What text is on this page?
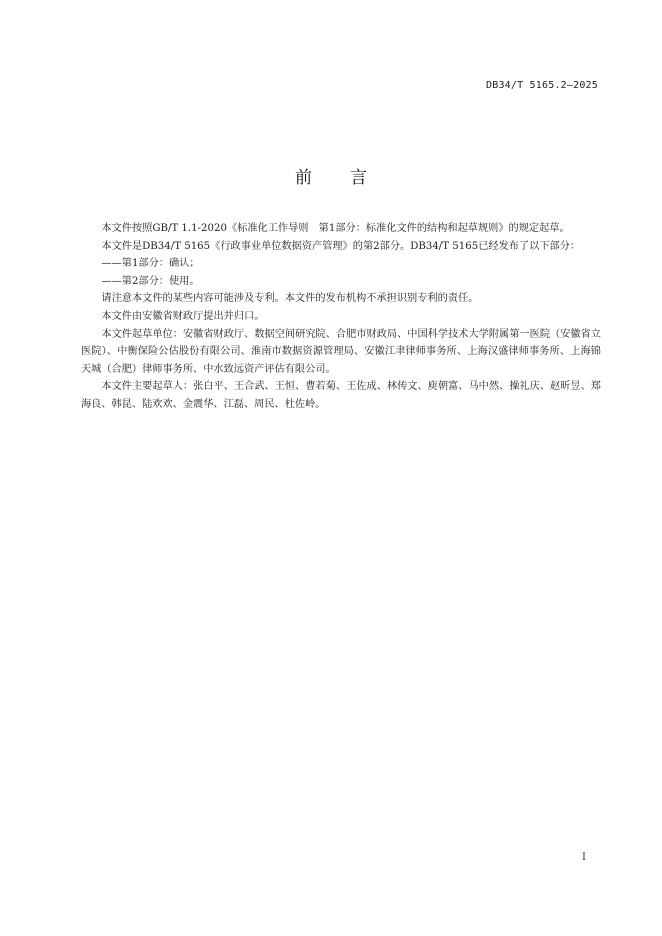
DB34/T 5165.2—2025
前言

本文件按照GB/T 1.1-2020《标准化工作导则　第1部分：标准化文件的结构和起草规则》的规定起草。

本文件是DB34/T 5165《行政事业单位数据资产管理》的第2部分。DB34/T 5165已经发布了以下部分：

——第1部分：确认；

——第2部分：使用。

请注意本文件的某些内容可能涉及专利。本文件的发布机构不承担识别专利的责任。

本文件由安徽省财政厅提出并归口。

本文件起草单位：安徽省财政厅、数据空间研究院、合肥市财政局、中国科学技术大学附属第一医院（安徽省立医院）、中衡保险公估股份有限公司、淮南市数据资源管理局、安徽江聿律师事务所、上海汉盛律师事务所、上海锦天城（合肥）律师事务所、中水致远资产评估有限公司。

本文件主要起草人：张白平、王合武、王恒、曹若菊、王佐成、林传文、庾朝富、马中然、操礼庆、赵昕昱、郑海良、韩昆、陆欢欢、金震华、江磊、周民、杜佐岭。

I
